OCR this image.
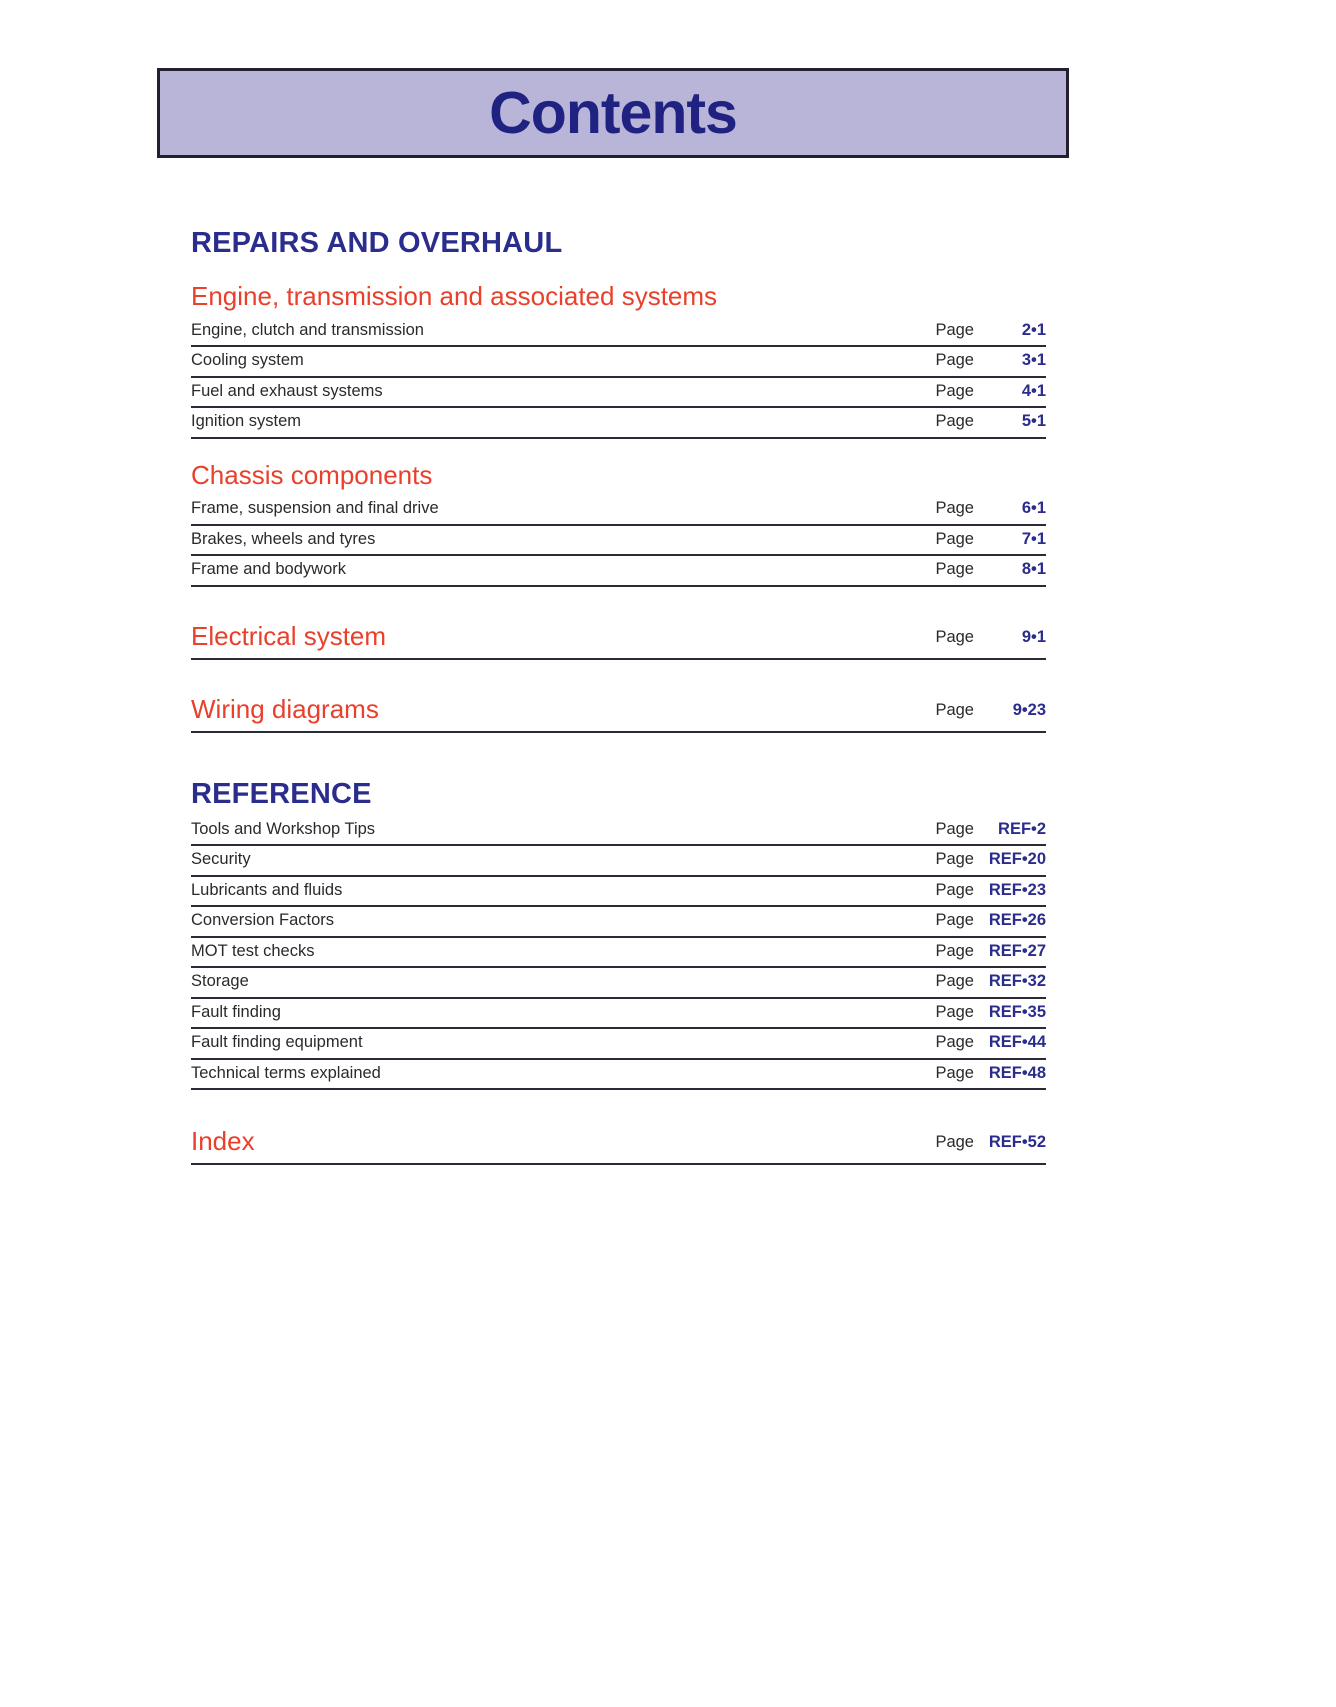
Contents
REPAIRS AND OVERHAUL
Engine, transmission and associated systems
Engine, clutch and transmission	Page	2•1
Cooling system	Page	3•1
Fuel and exhaust systems	Page	4•1
Ignition system	Page	5•1
Chassis components
Frame, suspension and final drive	Page	6•1
Brakes, wheels and tyres	Page	7•1
Frame and bodywork	Page	8•1
Electrical system	Page	9•1
Wiring diagrams	Page	9•23
REFERENCE
Tools and Workshop Tips	Page	REF•2
Security	Page REF•20
Lubricants and fluids	Page REF•23
Conversion Factors	Page REF•26
MOT test checks	Page REF•27
Storage	Page REF•32
Fault finding	Page REF•35
Fault finding equipment	Page REF•44
Technical terms explained	Page REF•48
Index	Page REF•52
